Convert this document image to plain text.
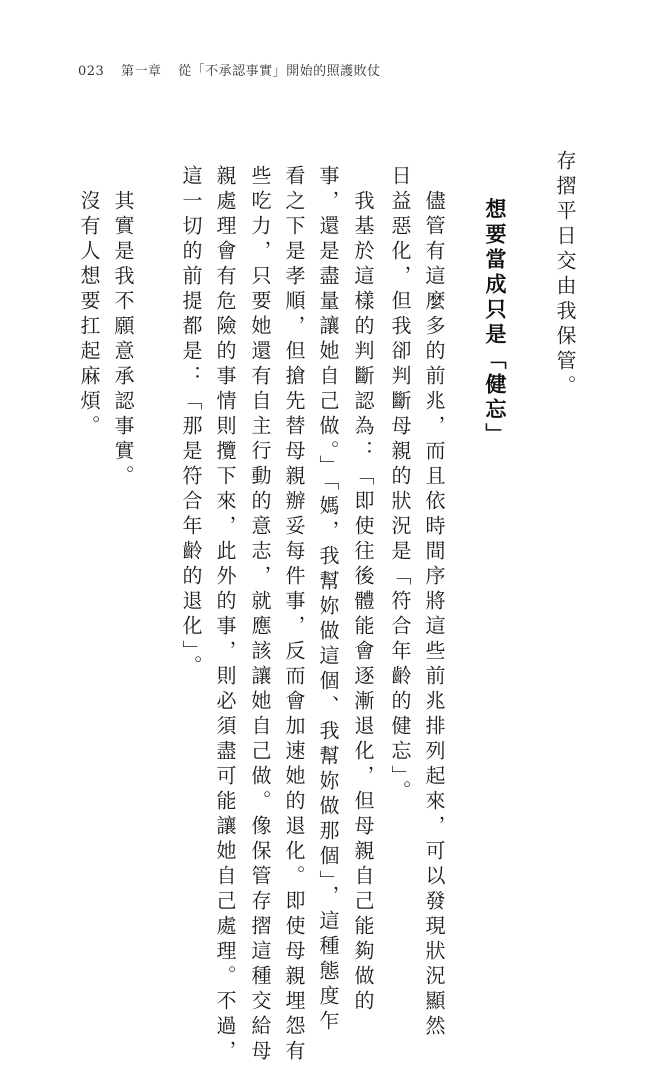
023 第一章 從「不承認事實」開始的照護敗仗
存摺平日交由我保管。
想要當成只是「健忘」
儘管有這麼多的前兆，而且依時間序將這些前兆排列起來，可以發現狀況顯然
日益惡化，但我卻判斷母親的狀況是「符合年齡的健忘」。
我基於這樣的判斷認為：「即使往後體能會逐漸退化，但母親自己能夠做的
事，還是盡量讓她自己做。」「媽，我幫妳做這個、我幫妳做那個」，這種態度乍
看之下是孝順，但搶先替母親辦妥每件事，反而會加速她的退化。即使母親埋怨有
些吃力，只要她還有自主行動的意志，就應該讓她自己做。像保管存摺這種交給母
親處理會有危險的事情則攬下來，此外的事，則必須盡可能讓她自己處理。不過，
這一切的前提都是：「那是符合年齡的退化」。
其實是我不願意承認事實。
沒有人想要扛起麻煩。
